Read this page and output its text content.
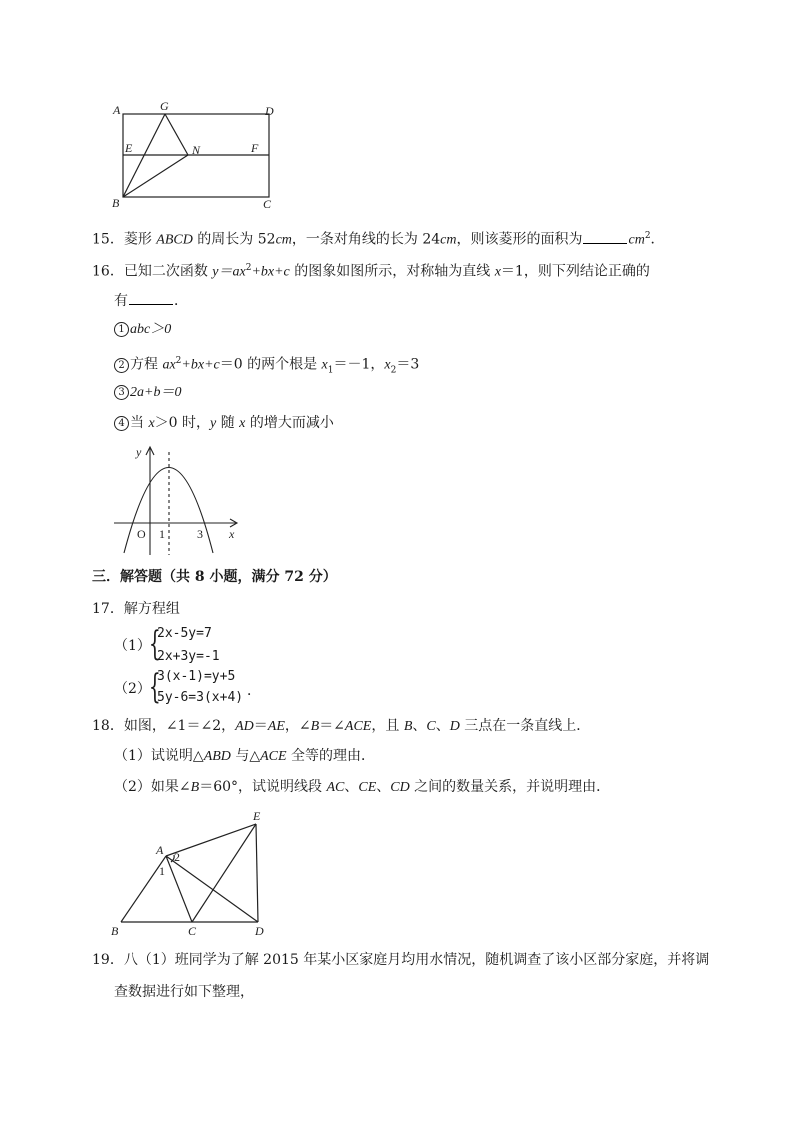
A	G	D
E	N	F
B	C
15．菱形 ABCD 的周长为 52cm，一条对角线的长为 24cm，则该菱形的面积为	$cm^2$．
16．已知二次函数 $y=ax^2+bx+c$ 的图象如图所示，对称轴为直线 x＝1，则下列结论正确的
有	．
1 abc＞0
2 方程 $ax^2+bx+c=0$ 的两个根是 $x_1=-1$，$x_2=3$
3 2a+b＝0
4 当 x＞0 时，y 随 x 的增大而减小
y
x
O 1	3
三．解答题（共 8 小题，满分 72 分）
17．解方程组
（1）
{
2x-5y=7
2x+3y=-1
（2）
{
3(x-1)=y+5
5y-6=3(x+4) ．
18．如图，∠1＝∠2，AD＝AE，∠B＝∠ACE，且 B、C、D 三点在一条直线上．
（1）试说明△ABD 与△ACE 全等的理由．
（2）如果∠B＝60°，试说明线段 AC、CE、CD 之间的数量关系，并说明理由．
A 2
1
E
B	C	D
19．八（1）班同学为了解 2015 年某小区家庭月均用水情况，随机调查了该小区部分家庭，并将调
查数据进行如下整理，
